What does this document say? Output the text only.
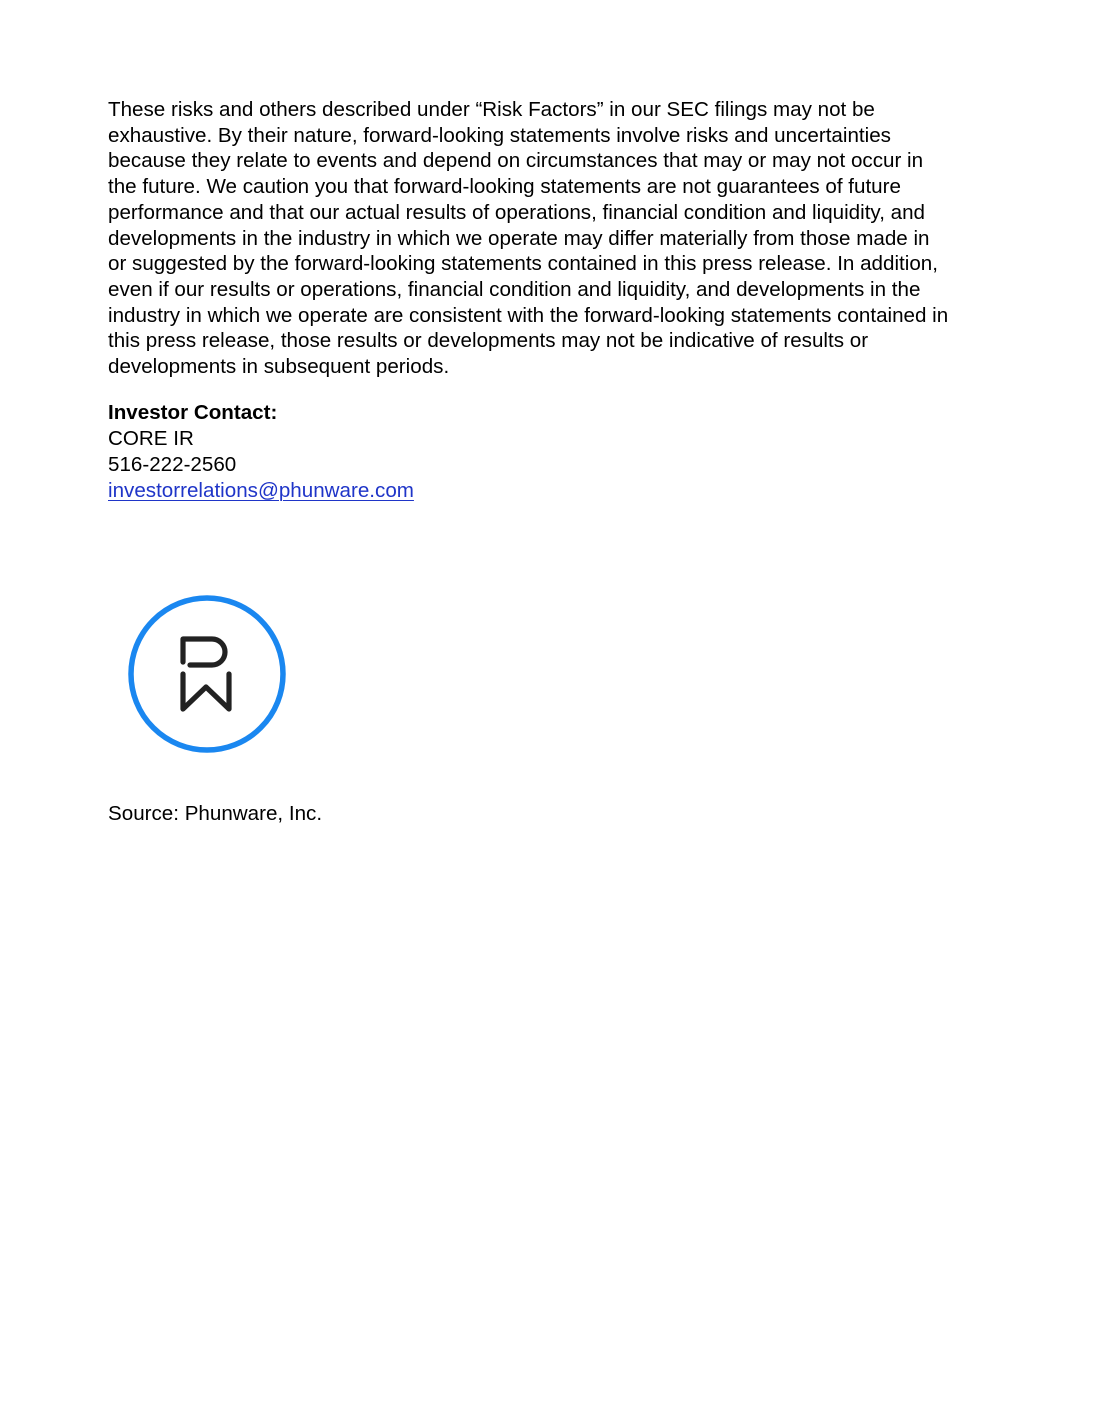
These risks and others described under “Risk Factors” in our SEC filings may not be
exhaustive. By their nature, forward-looking statements involve risks and uncertainties
because they relate to events and depend on circumstances that may or may not occur in
the future. We caution you that forward-looking statements are not guarantees of future
performance and that our actual results of operations, financial condition and liquidity, and
developments in the industry in which we operate may differ materially from those made in
or suggested by the forward-looking statements contained in this press release. In addition,
even if our results or operations, financial condition and liquidity, and developments in the
industry in which we operate are consistent with the forward-looking statements contained in
this press release, those results or developments may not be indicative of results or
developments in subsequent periods.

Investor Contact:
CORE IR
516-222-2560
investorrelations@phunware.com

Source: Phunware, Inc.
